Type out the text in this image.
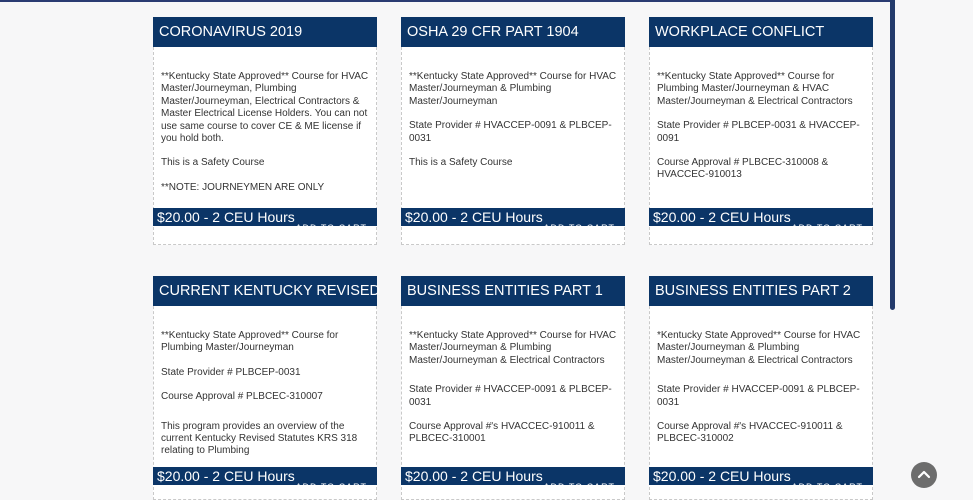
CORONAVIRUS 2019

**Kentucky State Approved** Course for HVAC Master/Journeyman, Plumbing Master/Journeyman, Electrical Contractors & Master Electrical License Holders. You can not use same course to cover CE & ME license if you hold both.

This is a Safety Course

**NOTE: JOURNEYMEN ARE ONLY

$20.00 - 2 CEU Hours
ADD TO CART
OSHA 29 CFR PART 1904

**Kentucky State Approved** Course for HVAC Master/Journeyman & Plumbing Master/Journeyman

State Provider # HVACCEP-0091 & PLBCEP-0031

This is a Safety Course

$20.00 - 2 CEU Hours
ADD TO CART
WORKPLACE CONFLICT

**Kentucky State Approved** Course for Plumbing Master/Journeyman & HVAC Master/Journeyman & Electrical Contractors

State Provider # PLBCEP-0031 & HVACCEP-0091

Course Approval # PLBCEC-310008 & HVACCEC-910013

$20.00 - 2 CEU Hours
ADD TO CART
CURRENT KENTUCKY REVISED

**Kentucky State Approved** Course for Plumbing Master/Journeyman

State Provider # PLBCEP-0031

Course Approval # PLBCEC-310007

This program provides an overview of the current Kentucky Revised Statutes KRS 318 relating to Plumbing

$20.00 - 2 CEU Hours
ADD TO CART
BUSINESS ENTITIES PART 1

**Kentucky State Approved** Course for HVAC Master/Journeyman & Plumbing Master/Journeyman & Electrical Contractors

State Provider # HVACCEP-0091 & PLBCEP-0031

Course Approval #'s HVACCEC-910011 & PLBCEC-310001

$20.00 - 2 CEU Hours
ADD TO CART
BUSINESS ENTITIES PART 2

*Kentucky State Approved** Course for HVAC Master/Journeyman & Plumbing Master/Journeyman & Electrical Contractors

State Provider # HVACCEP-0091 & PLBCEP-0031

Course Approval #'s HVACCEC-910011 & PLBCEC-310002

$20.00 - 2 CEU Hours
ADD TO CART
